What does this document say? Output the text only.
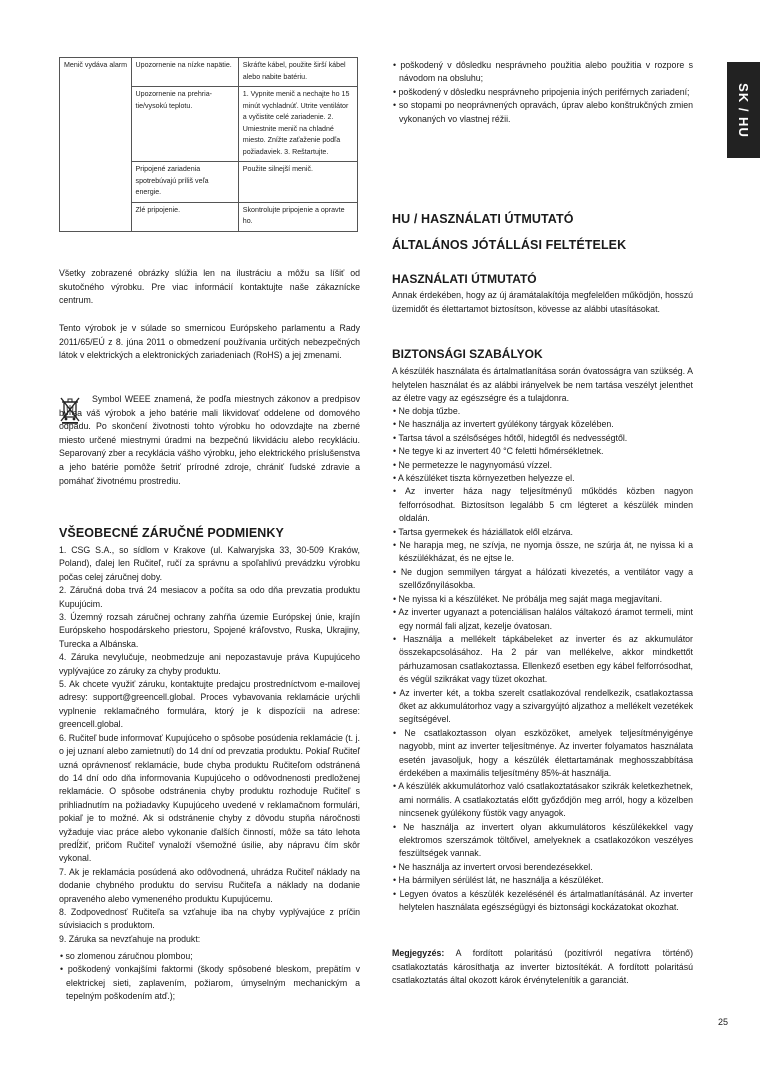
Menič vydáva alarm	Upozornenie na nízke napätie.	Skráťte kábel, použite širší kábel alebo nabite batériu.
	Upozornenie na prehria-tie/vysokú teplotu.	1. Vypnite menič a nechajte ho 15 minút vychladnúť. Utrite ventilátor a vyčistite celé zariadenie. 2. Umiestnite menič na chladné miesto. Znížte zaťaženie podľa požiadaviek. 3. Reštartujte.
	Pripojené zariadenia spotrebúvajú príliš veľa energie.	Použite silnejší menič.
	Zlé pripojenie.	Skontrolujte pripojenie a opravte ho.

Všetky zobrazené obrázky slúžia len na ilustráciu a môžu sa líšiť od skutočného výrobku. Pre viac informácií kontaktujte naše zákaznícke centrum.

Tento výrobok je v súlade so smernicou Európskeho parlamentu a Rady 2011/65/EÚ z 8. júna 2011 o obmedzení používania určitých nebezpečných látok v elektrických a elektronických zariadeniach (RoHS) a jej zmenami.

Symbol WEEE znamená, že podľa miestnych zákonov a predpisov by sa váš výrobok a jeho batérie mali likvidovať oddelene od domového odpadu. Po skončení životnosti tohto výrobku ho odovzdajte na zberné miesto určené miestnymi úradmi na bezpečnú likvidáciu alebo recykláciu. Separovaný zber a recyklácia vášho výrobku, jeho elektrického príslušenstva a jeho batérie pomôže šetriť prírodné zdroje, chrániť ľudské zdravie a pomáhať životnému prostrediu.

VŠEOBECNÉ ZÁRUČNÉ PODMIENKY
1. CSG S.A., so sídlom v Krakove (ul. Kalwaryjska 33, 30-509 Kraków, Poland), ďalej len Ručiteľ, ručí za správnu a spoľahlivú prevádzku výrobku počas celej záručnej doby.
2. Záručná doba trvá 24 mesiacov a počíta sa odo dňa prevzatia produktu Kupujúcim.
3. Územný rozsah záručnej ochrany zahŕňa územie Európskej únie, krajín Európskeho hospodárskeho priestoru, Spojené kráľovstvo, Ruska, Ukrajiny, Turecka a Albánska.
4. Záruka nevylučuje, neobmedzuje ani nepozastavuje práva Kupujúceho vyplývajúce zo záruky za chyby produktu.
5. Ak chcete využiť záruku, kontaktujte predajcu prostredníctvom e-mailovej adresy: support@greencell.global. Proces vybavovania reklamácie urýchli vyplnenie reklamačného formulára, ktorý je k dispozícii na adrese: greencell.global.
6. Ručiteľ bude informovať Kupujúceho o spôsobe posúdenia reklamácie (t. j. o jej uznaní alebo zamietnutí) do 14 dní od prevzatia produktu. Pokiaľ Ručiteľ uzná oprávnenosť reklamácie, bude chyba produktu Ručiteľom odstránená do 14 dní odo dňa informovania Kupujúceho o odôvodnenosti predloženej reklamácie. O spôsobe odstránenia chyby produktu rozhoduje Ručiteľ s prihliadnutím na požiadavky Kupujúceho uvedené v reklamačnom formulári, pokiaľ je to možné. Ak si odstránenie chyby z dôvodu stupňa náročnosti vyžaduje viac práce alebo vykonanie ďalších činností, môže sa táto lehota predĺžiť, pričom Ručiteľ vynaloží všemožné úsilie, aby nápravu čím skôr vykonal.
7. Ak je reklamácia posúdená ako odôvodnená, uhrádza Ručiteľ náklady na dodanie chybného produktu do servisu Ručiteľa a náklady na dodanie opraveného alebo vymeneného produktu Kupujúcemu.
8. Zodpovednosť Ručiteľa sa vzťahuje iba na chyby vyplývajúce z príčin súvisiacich s produktom.
9. Záruka sa nevzťahuje na produkt:
• so zlomenou záručnou plombou;
• poškodený vonkajšími faktormi (škody spôsobené bleskom, prepätím v elektrickej sieti, zaplavením, požiarom, úmyselným mechanickým a tepelným poškodením atď.);
• poškodený v dôsledku nesprávneho použitia alebo použitia v rozpore s návodom na obsluhu;
• poškodený v dôsledku nesprávneho pripojenia iných periférnych zariadení;
• so stopami po neoprávnených opravách, úprav alebo konštrukčných zmien vykonaných vo vlastnej réžii.
HU / HASZNÁLATI ÚTMUTATÓ
ÁLTALÁNOS JÓTÁLLÁSI FELTÉTELEK
HASZNÁLATI ÚTMUTATÓ

Annak érdekében, hogy az új áramátalakítója megfelelően működjön, hosszú üzemidőt és élettartamot biztosítson, kövesse az alábbi utasításokat.

BIZTONSÁGI SZABÁLYOK

A készülék használata és ártalmatlanítása során óvatosságra van szükség. A helytelen használat és az alábbi irányelvek be nem tartása veszélyt jelenthet az életre vagy az egészségre és a tulajdonra.

• Ne dobja tűzbe.
• Ne használja az invertert gyúlékony tárgyak közelében.
• Tartsa távol a szélsőséges hőtől, hidegtől és nedvességtől.
• Ne tegye ki az invertert 40 °C feletti hőmérsékletnek.
• Ne permetezze le nagynyomású vízzel.
• A készüléket tiszta környezetben helyezze el.
• Az inverter háza nagy teljesítményű működés közben nagyon felforrósodhat. Biztosítson legalább 5 cm légteret a készülék minden oldalán.
• Tartsa gyermekek és háziállatok elől elzárva.
• Ne harapja meg, ne szívja, ne nyomja össze, ne szúrja át, ne nyissa ki a készülékházat, és ne ejtse le.
• Ne dugjon semmilyen tárgyat a hálózati kivezetés, a ventilátor vagy a szellőzőnyílásokba.
• Ne nyissa ki a készüléket. Ne próbálja meg saját maga megjavítani.
• Az inverter ugyanazt a potenciálisan halálos váltakozó áramot termeli, mint egy normál fali aljzat, kezelje óvatosan.
• Használja a mellékelt tápkábeleket az inverter és az akkumulátor összekapcsolásához. Ha 2 pár van mellékelve, akkor mindkettőt párhuzamosan csatlakoztassa. Ellenkező esetben egy kábel felforrósodhat, és végül szikrákat vagy tüzet okozhat.
• Az inverter két, a tokba szerelt csatlakozóval rendelkezik, csatlakoztassa őket az akkumulátorhoz vagy a szivargyújtó aljzathoz a mellékelt vezetékek segítségével.
• Ne csatlakoztasson olyan eszközöket, amelyek teljesítményigénye nagyobb, mint az inverter teljesítménye. Az inverter folyamatos használata esetén javasoljuk, hogy a készülék élettartamának meghosszabbítása érdekében a maximális teljesítmény 85%-át használja.
• A készülék akkumulátorhoz való csatlakoztatásakor szikrák keletkezhetnek, ami normális. A csatlakoztatás előtt győződjön meg arról, hogy a közelben nincsenek gyúlékony füstök vagy anyagok.
• Ne használja az invertert olyan akkumulátoros készülékekkel vagy elektromos szerszámok töltőivel, amelyeknek a csatlakozókon veszélyes feszültségek vannak.
• Ne használja az invertert orvosi berendezésekkel.
• Ha bármilyen sérülést lát, ne használja a készüléket.
• Legyen óvatos a készülék kezelésénél és ártalmatlanításánál. Az inverter helytelen használata egészségügyi és biztonsági kockázatokat okozhat.

Megjegyzés: A fordított polaritású (pozitívról negatívra történő) csatlakoztatás károsíthatja az inverter biztosítékát. A fordított polaritású csatlakoztatás által okozott károk érvénytelenítik a garanciát.

SK / HU
25
